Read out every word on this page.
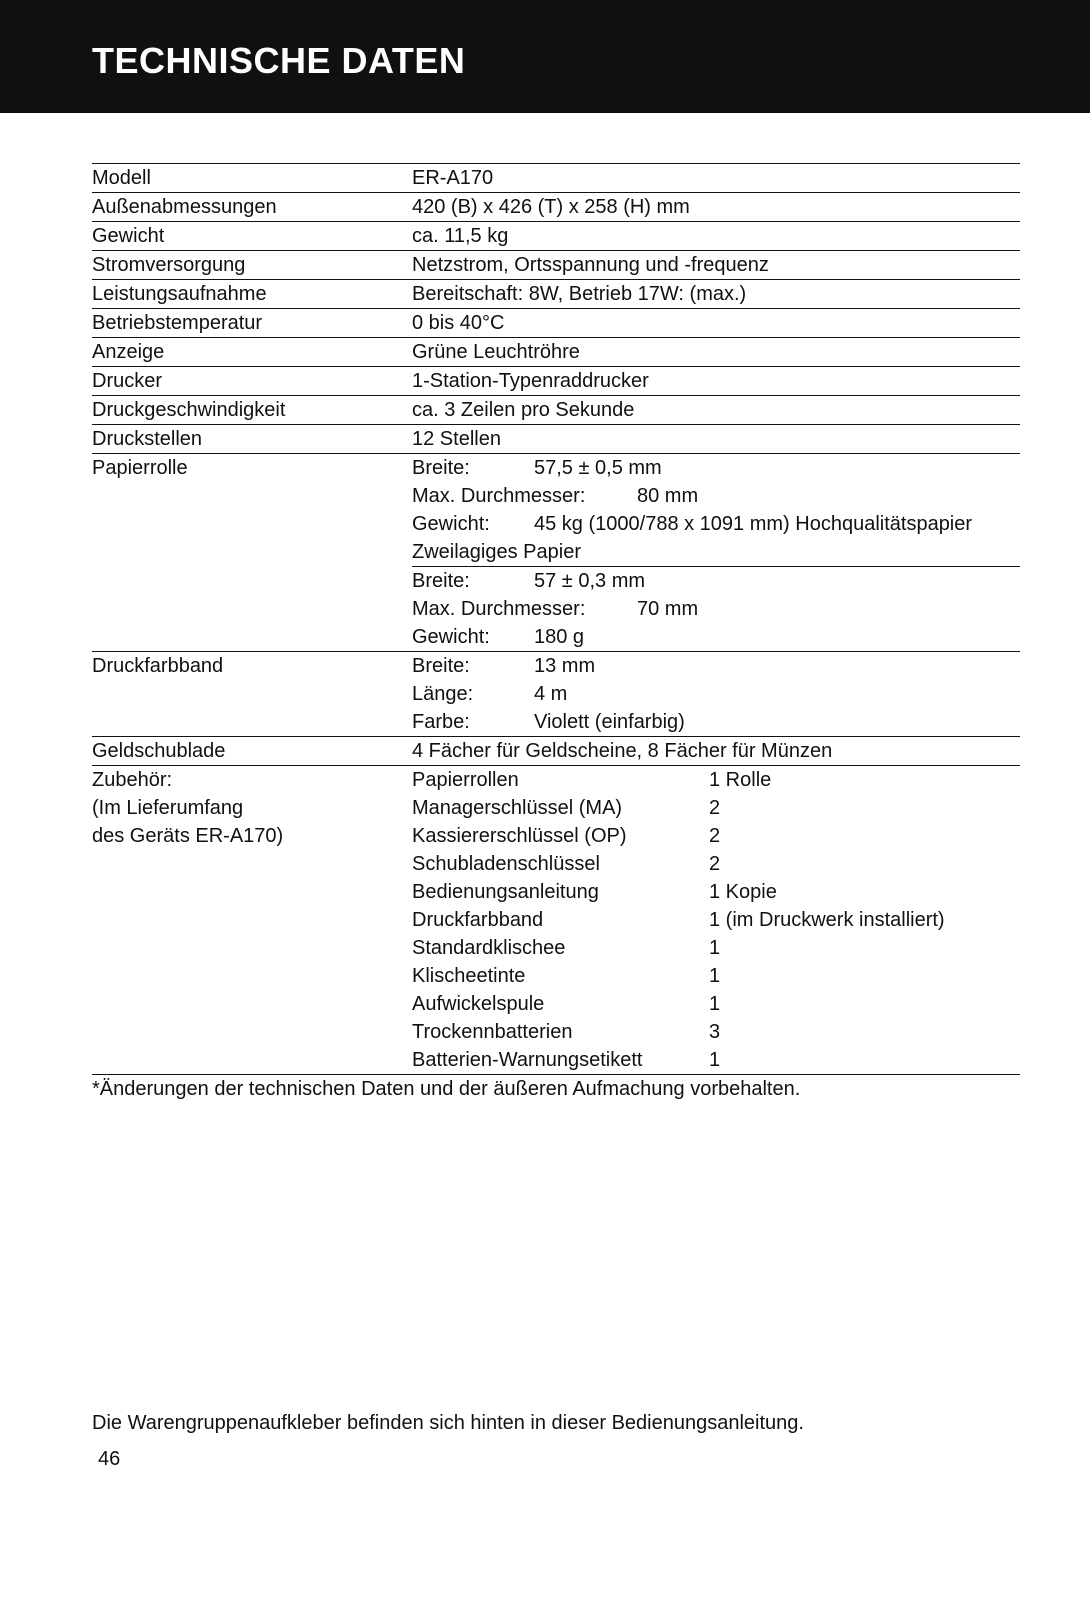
TECHNISCHE DATEN
Modell	ER-A170
Außenabmessungen	420 (B) x 426 (T) x 258 (H) mm
Gewicht	ca. 11,5 kg
Stromversorgung	Netzstrom, Ortsspannung und -frequenz
Leistungsaufnahme	Bereitschaft: 8W, Betrieb 17W: (max.)
Betriebstemperatur	0 bis 40°C
Anzeige	Grüne Leuchtröhre
Drucker	1-Station-Typenraddrucker
Druckgeschwindigkeit	ca. 3 Zeilen pro Sekunde
Druckstellen	12 Stellen
Papierrolle	Breite:	57,5 ± 0,5 mm
Max. Durchmesser:	80 mm
Gewicht:	45 kg (1000/788 x 1091 mm) Hochqualitätspapier
Zweilagiges Papier
Breite:	57 ± 0,3 mm
Max. Durchmesser:	70 mm
Gewicht:	180 g
Druckfarbband	Breite:	13 mm
Länge:	4 m
Farbe:	Violett (einfarbig)
Geldschublade	4 Fächer für Geldscheine, 8 Fächer für Münzen
Zubehör:
(Im Lieferumfang
des Geräts ER-A170)
Papierrollen	1 Rolle
Managerschlüssel (MA)	2
Kassiererschlüssel (OP)	2
Schubladenschlüssel	2
Bedienungsanleitung	1 Kopie
Druckfarbband	1 (im Druckwerk installiert)
Standardklischee	1
Klischeetinte	1
Aufwickelspule	1
Trockennbatterien	3
Batterien-Warnungsetikett	1
*Änderungen der technischen Daten und der äußeren Aufmachung vorbehalten.
Die Warengruppenaufkleber befinden sich hinten in dieser Bedienungsanleitung.
46
